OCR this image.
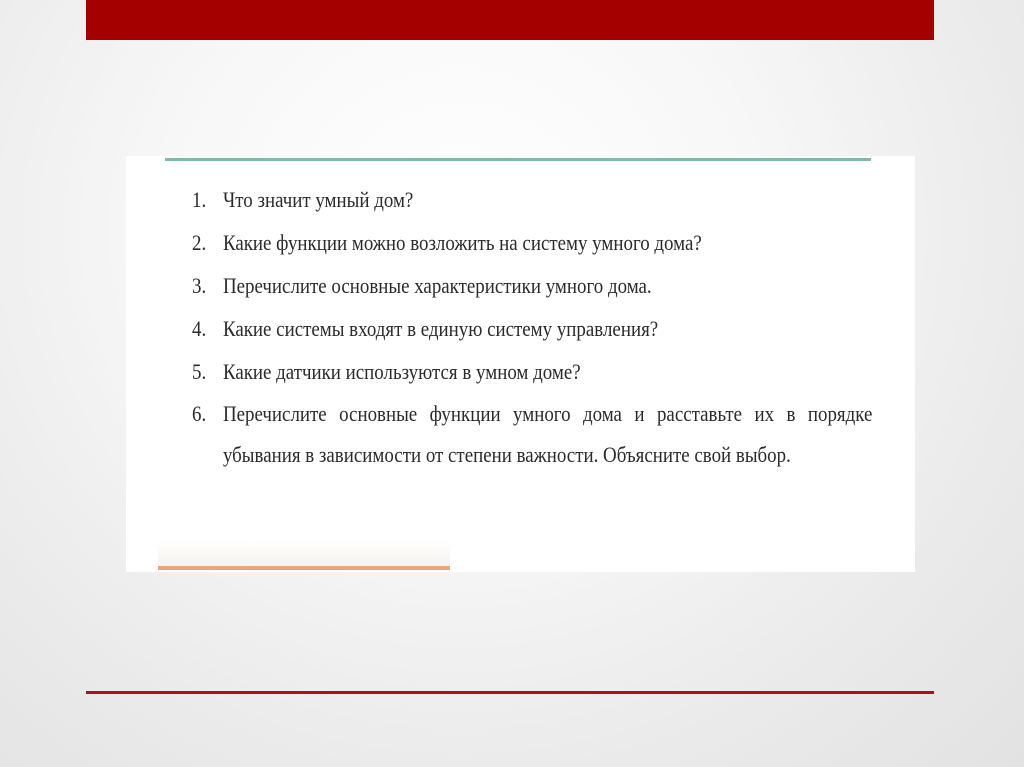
1. Что значит умный дом?
2. Какие функции можно возложить на систему умного дома?
3. Перечислите основные характеристики умного дома.
4. Какие системы входят в единую систему управления?
5. Какие датчики используются в умном доме?
6. Перечислите основные функции умного дома и расставьте их в порядке убывания в зависимости от степени важности. Объясните свой выбор.
